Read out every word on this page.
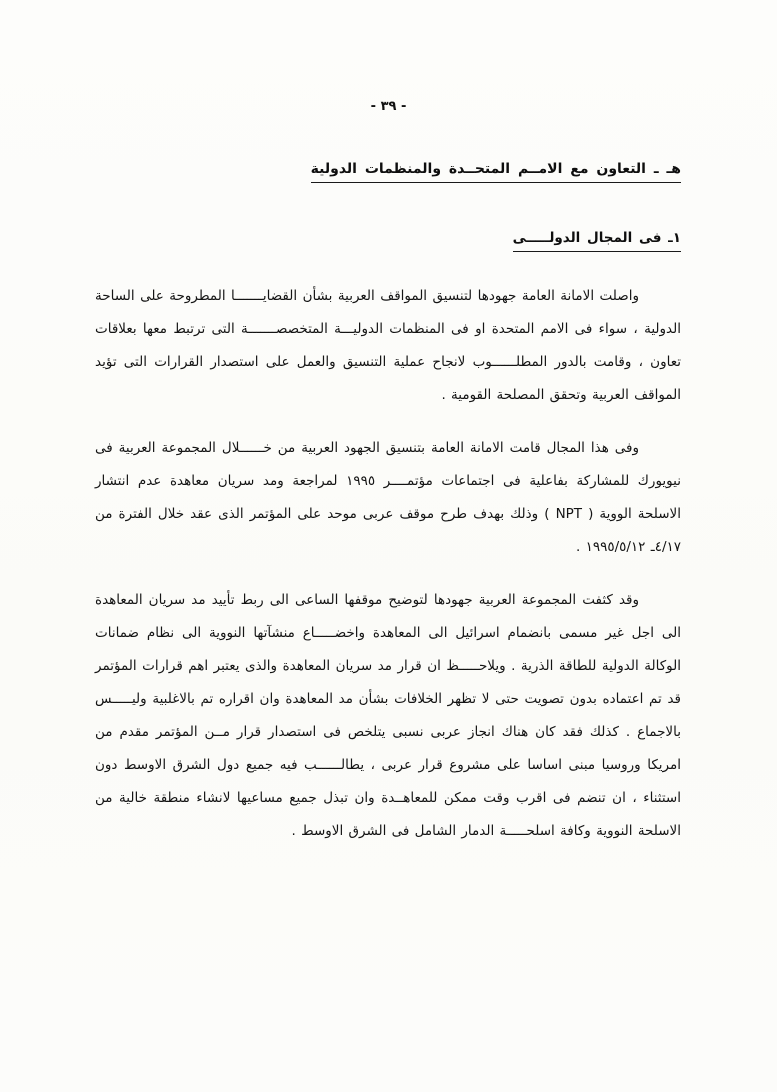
- ٣٩ -
هـ ـ التعاون مع الامــم المتحــدة والمنظمات الدولية
١ـ فى المجال الدولـــــى

واصلت الامانة العامة جهودها لتنسيق المواقف العربية بشأن القضايـــــــا المطروحة على الساحة الدولية ، سواء فى الامم المتحدة او فى المنظمات الدوليـــة المتخصصـــــــة التى ترتبط معها بعلاقات تعاون ، وقامت بالدور المطلــــــوب لانجاح عملية التنسيق والعمل على استصدار القرارات التى تؤيد المواقف العربية وتحقق المصلحة القومية .

وفى هذا المجال قامت الامانة العامة بتنسيق الجهود العربية من خــــــلال المجموعة العربية فى نيويورك للمشاركة بفاعلية فى اجتماعات مؤتمــــر ١٩٩٥ لمراجعة ومد سريان معاهدة عدم انتشار الاسلحة الووية ( NPT ) وذلك بهدف طرح موقف عربى موحد على المؤتمر الذى عقد خلال الفترة من ٤/١٧ـ ١٩٩٥/٥/١٢ .

وقد كثفت المجموعة العربية جهودها لتوضيح موقفها الساعى الى ربط تأييد مد سريان المعاهدة الى اجل غير مسمى بانضمام اسرائيل الى المعاهدة واخضـــــاع منشآتها النووية الى نظام ضمانات الوكالة الدولية للطاقة الذرية . ويلاحـــــظ ان قرار مد سريان المعاهدة والذى يعتبر اهم قرارات المؤتمر قد تم اعتماده بدون تصويت حتى لا تظهر الخلافات بشأن مد المعاهدة وان اقراره تم بالاغلبية وليـــــس بالاجماع . كذلك فقد كان هناك انجاز عربى نسبى يتلخص فى استصدار قرار مــن المؤتمر مقدم من امريكا وروسيا مبنى اساسا على مشروع قرار عربى ، يطالــــــب فيه جميع دول الشرق الاوسط دون استثناء ، ان تنضم فى اقرب وقت ممكن للمعاهــدة وان تبذل جميع مساعيها لانشاء منطقة خالية من الاسلحة النووية وكافة اسلحـــــة الدمار الشامل فى الشرق الاوسط .
